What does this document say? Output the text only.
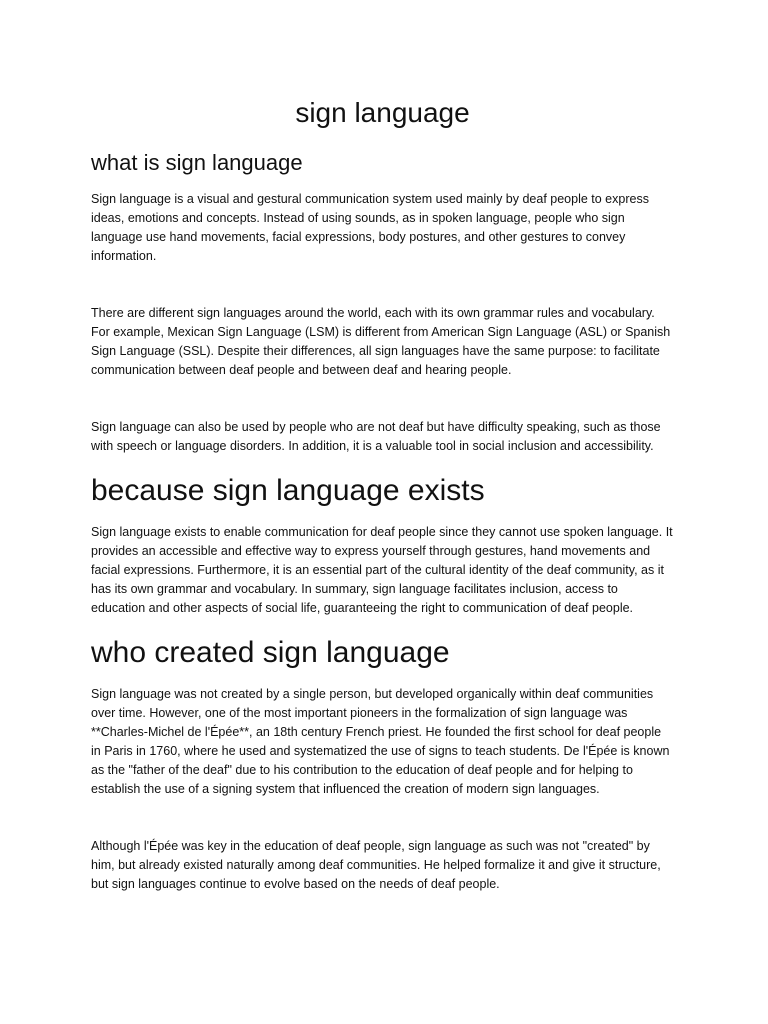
sign language
what is sign language

Sign language is a visual and gestural communication system used mainly by deaf people to express ideas, emotions and concepts. Instead of using sounds, as in spoken language, people who sign language use hand movements, facial expressions, body postures, and other gestures to convey information.

There are different sign languages around the world, each with its own grammar rules and vocabulary. For example, Mexican Sign Language (LSM) is different from American Sign Language (ASL) or Spanish Sign Language (SSL). Despite their differences, all sign languages have the same purpose: to facilitate communication between deaf people and between deaf and hearing people.

Sign language can also be used by people who are not deaf but have difficulty speaking, such as those with speech or language disorders. In addition, it is a valuable tool in social inclusion and accessibility.

because sign language exists

Sign language exists to enable communication for deaf people since they cannot use spoken language. It provides an accessible and effective way to express yourself through gestures, hand movements and facial expressions. Furthermore, it is an essential part of the cultural identity of the deaf community, as it has its own grammar and vocabulary. In summary, sign language facilitates inclusion, access to education and other aspects of social life, guaranteeing the right to communication of deaf people.

who created sign language

Sign language was not created by a single person, but developed organically within deaf communities over time. However, one of the most important pioneers in the formalization of sign language was **Charles-Michel de l'Épée**, an 18th century French priest. He founded the first school for deaf people in Paris in 1760, where he used and systematized the use of signs to teach students. De l'Épée is known as the "father of the deaf" due to his contribution to the education of deaf people and for helping to establish the use of a signing system that influenced the creation of modern sign languages.

Although l'Épée was key in the education of deaf people, sign language as such was not "created" by him, but already existed naturally among deaf communities. He helped formalize it and give it structure, but sign languages continue to evolve based on the needs of deaf people.
